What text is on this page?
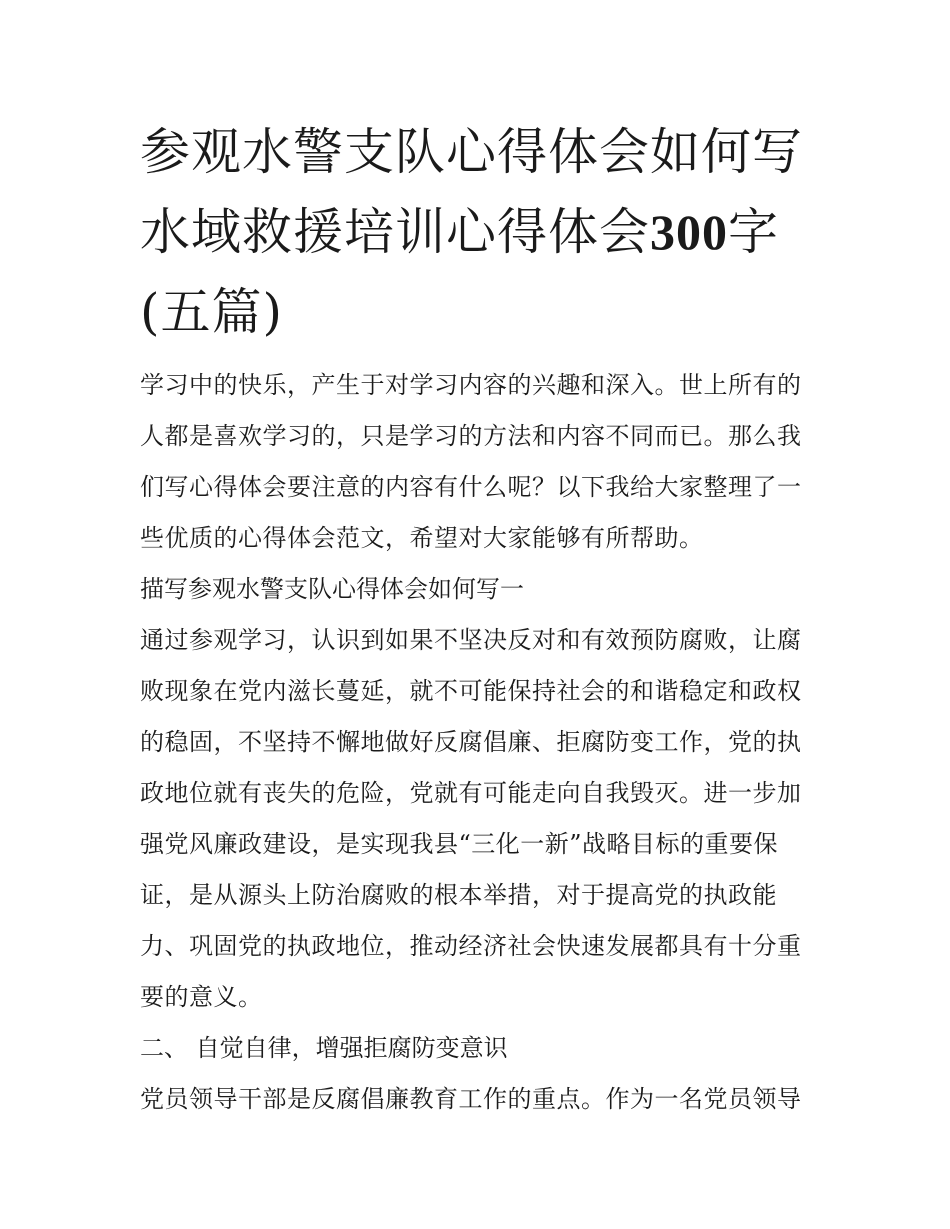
参观水警支队心得体会如何写水域救援培训心得体会300字(五篇)

学习中的快乐，产生于对学习内容的兴趣和深入。世上所有的人都是喜欢学习的，只是学习的方法和内容不同而已。那么我们写心得体会要注意的内容有什么呢？以下我给大家整理了一些优质的心得体会范文，希望对大家能够有所帮助。

描写参观水警支队心得体会如何写一

通过参观学习，认识到如果不坚决反对和有效预防腐败，让腐败现象在党内滋长蔓延，就不可能保持社会的和谐稳定和政权的稳固，不坚持不懈地做好反腐倡廉、拒腐防变工作，党的执政地位就有丧失的危险，党就有可能走向自我毁灭。进一步加强党风廉政建设，是实现我县“三化一新”战略目标的重要保证，是从源头上防治腐败的根本举措，对于提高党的执政能力、巩固党的执政地位，推动经济社会快速发展都具有十分重要的意义。

二、 自觉自律，增强拒腐防变意识

党员领导干部是反腐倡廉教育工作的重点。作为一名党员领导
